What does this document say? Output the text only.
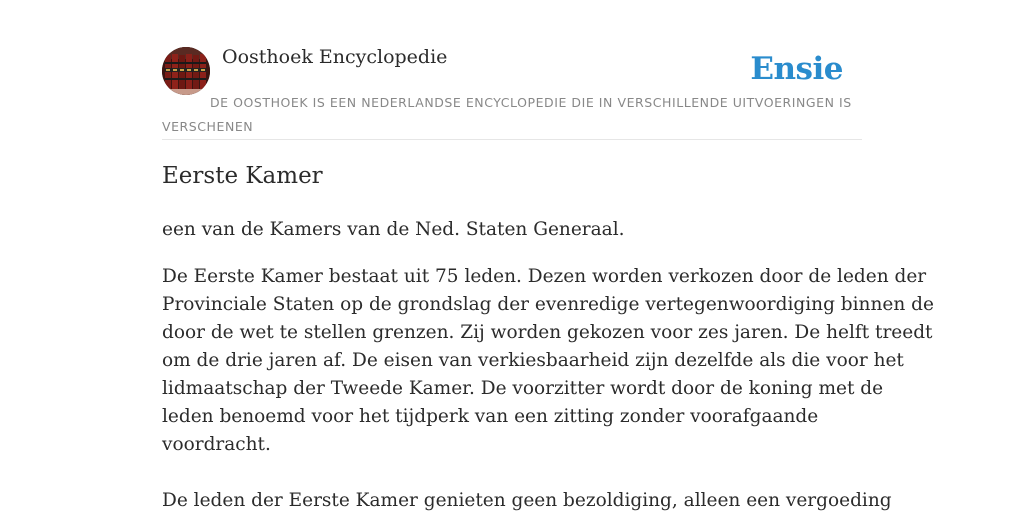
Oosthoek Encyclopedie	Ensie
DE OOSTHOEK IS EEN NEDERLANDSE ENCYCLOPEDIE DIE IN VERSCHILLENDE UITVOERINGEN IS VERSCHENEN
Eerste Kamer

een van de Kamers van de Ned. Staten Generaal.

De Eerste Kamer bestaat uit 75 leden. Dezen worden verkozen door de leden der

Provinciale Staten op de grondslag der evenredige vertegenwoordiging binnen de

door de wet te stellen grenzen. Zij worden gekozen voor zes jaren. De helft treedt

om de drie jaren af. De eisen van verkiesbaarheid zijn dezelfde als die voor het

lidmaatschap der Tweede Kamer. De voorzitter wordt door de koning met de

leden benoemd voor het tijdperk van een zitting zonder voorafgaande

voordracht.

De leden der Eerste Kamer genieten geen bezoldiging, alleen een vergoeding
